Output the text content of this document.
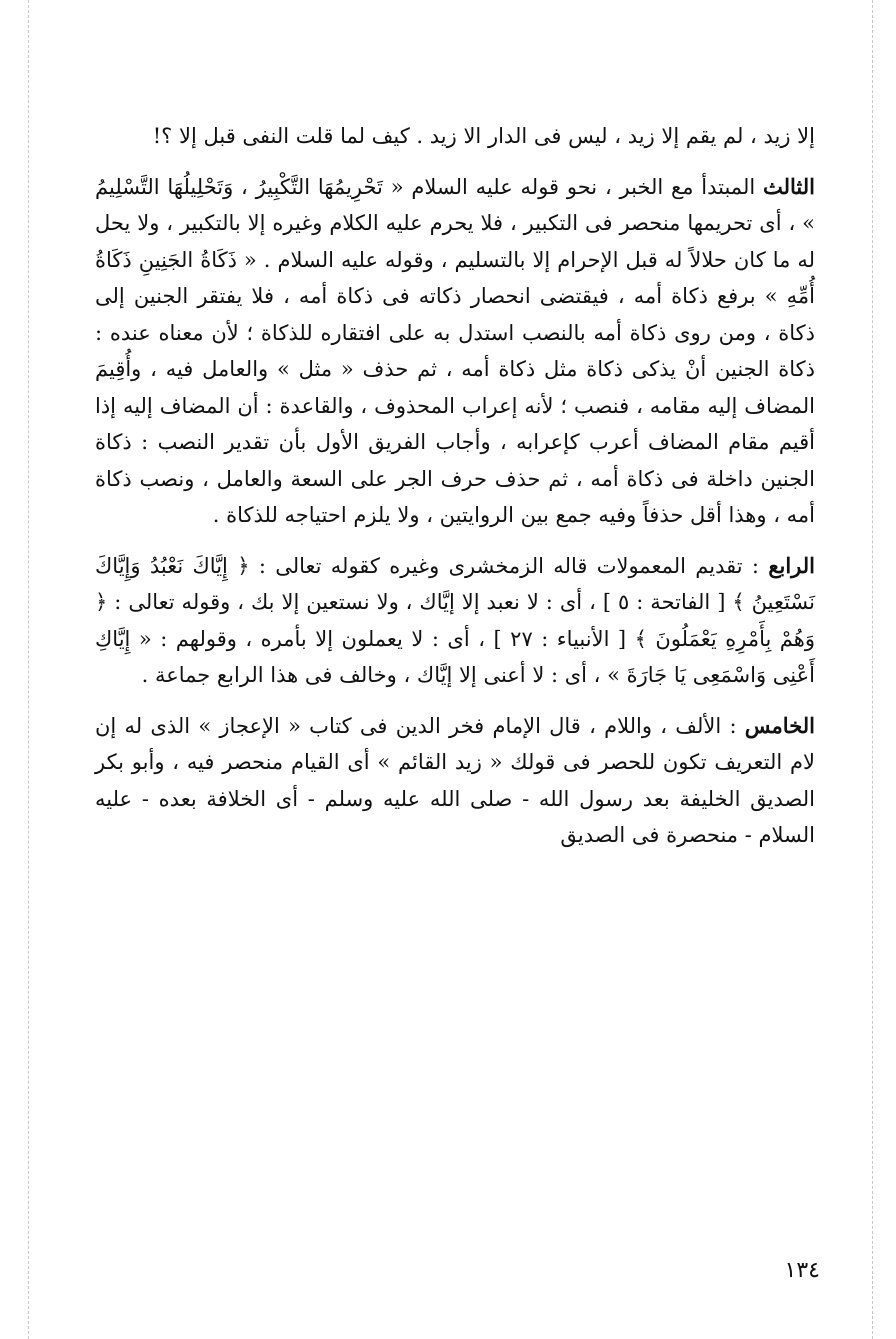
إلا زيد ، لم يقم إلا زيد ، ليس فى الدار الا زيد . كيف لما قلت النفى قبل إلا ؟!

الثالث المبتدأ مع الخبر ، نحو قوله عليه السلام « تَحْرِيمُهَا التَّكْبِيرُ ، وَتَحْلِيلُهَا التَّسْلِيمُ » ، أى تحريمها منحصر فى التكبير ، فلا يحرم عليه الكلام وغيره إلا بالتكبير ، ولا يحل له ما كان حلالاً له قبل الإحرام إلا بالتسليم ، وقوله عليه السلام . « ذَكَاةُ الجَنِينِ ذَكَاةُ أُمِّهِ » برفع ذكاة أمه ، فيقتضى انحصار ذكاته فى ذكاة أمه ، فلا يفتقر الجنين إلى ذكاة ، ومن روى ذكاة أمه بالنصب استدل به على افتقاره للذكاة ؛ لأن معناه عنده : ذكاة الجنين أنْ يذكى ذكاة مثل ذكاة أمه ، ثم حذف « مثل » والعامل فيه ، وأُقِيمَ المضاف إليه مقامه ، فنصب ؛ لأنه إعراب المحذوف ، والقاعدة : أن المضاف إليه إذا أقيم مقام المضاف أعرب كإعرابه ، وأجاب الفريق الأول بأن تقدير النصب : ذكاة الجنين داخلة فى ذكاة أمه ، ثم حذف حرف الجر على السعة والعامل ، ونصب ذكاة أمه ، وهذا أقل حذفاً وفيه جمع بين الروايتين ، ولا يلزم احتياجه للذكاة .

الرابع : تقديم المعمولات قاله الزمخشرى وغيره كقوله تعالى : ﴿ إِيَّاكَ نَعْبُدُ وَإِيَّاكَ نَسْتَعِينُ ﴾ [ الفاتحة : ٥ ] ، أى : لا نعبد إلا إيَّاك ، ولا نستعين إلا بك ، وقوله تعالى : ﴿ وَهُمْ بِأَمْرِهِ يَعْمَلُونَ ﴾ [ الأنبياء : ٢٧ ] ، أى : لا يعملون إلا بأمره ، وقولهم : « إِيَّاكِ أَعْنِى وَاسْمَعِى يَا جَارَةَ » ، أى : لا أعنى إلا إيَّاك ، وخالف فى هذا الرابع جماعة .

الخامس : الألف ، واللام ، قال الإمام فخر الدين فى كتاب « الإعجاز » الذى له إن لام التعريف تكون للحصر فى قولك « زيد القائم » أى القيام منحصر فيه ، وأبو بكر الصديق الخليفة بعد رسول الله - صلى الله عليه وسلم - أى الخلافة بعده - عليه السلام - منحصرة فى الصديق

١٣٤
